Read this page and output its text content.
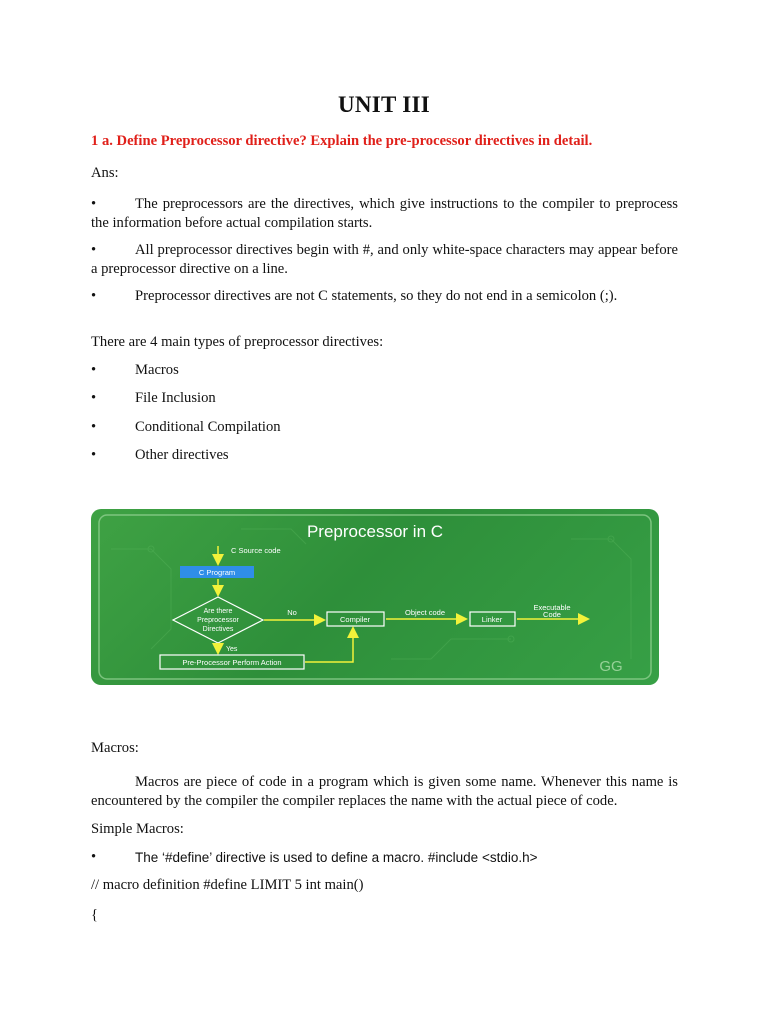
UNIT III
1 a. Define Preprocessor directive? Explain the pre-processor directives in detail.
Ans:
•	The preprocessors are the directives, which give instructions to the compiler to preprocess the information before actual compilation starts.
•	All preprocessor directives begin with #, and only white-space characters may appear before a preprocessor directive on a line.
•	Preprocessor directives are not C statements, so they do not end in a semicolon (;).
There are 4 main types of preprocessor directives:
•	Macros
•	File Inclusion
•	Conditional Compilation
•	Other directives
Preprocessor in C
C Source code
C Program
Are there
Preprocessor
Directives
No
Compiler
Object code
Linker
Executable
Code
Yes
Pre-Processor Perform Action	GG
Macros:
Macros are piece of code in a program which is given some name. Whenever this name is encountered by the compiler the compiler replaces the name with the actual piece of code.
Simple Macros:
•	The ‘#define’ directive is used to define a macro. #include <stdio.h>
// macro definition #define LIMIT 5 int main()
{
